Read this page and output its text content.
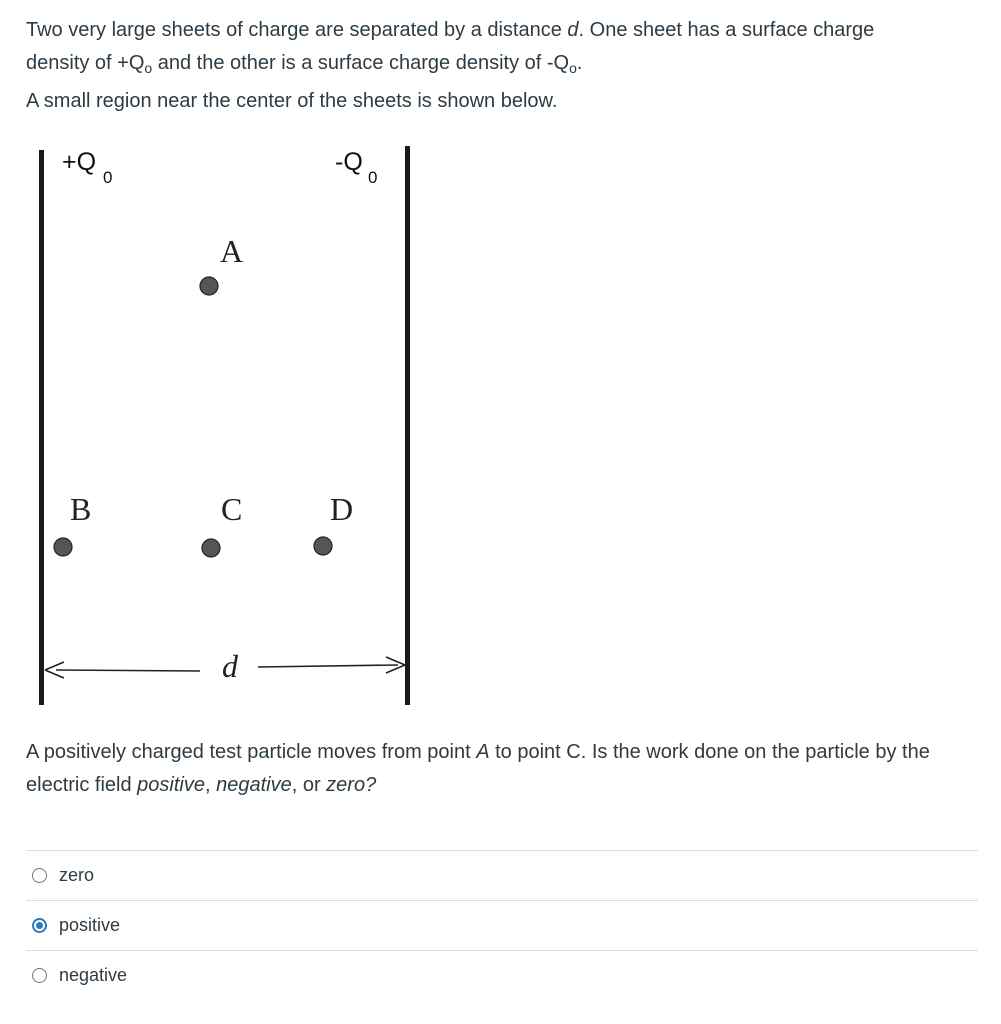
Two very large sheets of charge are separated by a distance d. One sheet has a surface charge

density of $+Q_o$ and the other is a surface charge density of $-Q_o$.

A small region near the center of the sheets is shown below.

+Q
0
-Q
0
A
B	C	D
d
A positively charged test particle moves from point A to point C. Is the work done on the particle by the electric field positive, negative, or zero?
zero
positive
negative
